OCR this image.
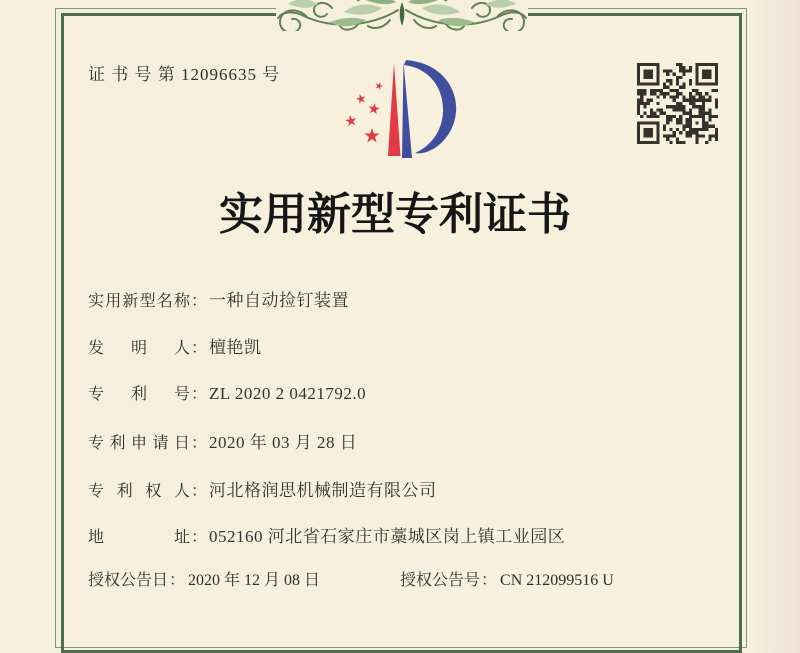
证 书 号 第 12096635 号
实用新型专利证书
实用新型名称： 一种自动捡钉装置
发明人： 檀艳凯
专利号： ZL 2020 2 0421792.0
专利申请日： 2020 年 03 月 28 日
专利权人： 河北格润思机械制造有限公司
地址： 052160 河北省石家庄市藁城区岗上镇工业园区
授权公告日： 2020 年 12 月 08 日	授权公告号： CN 212099516 U
